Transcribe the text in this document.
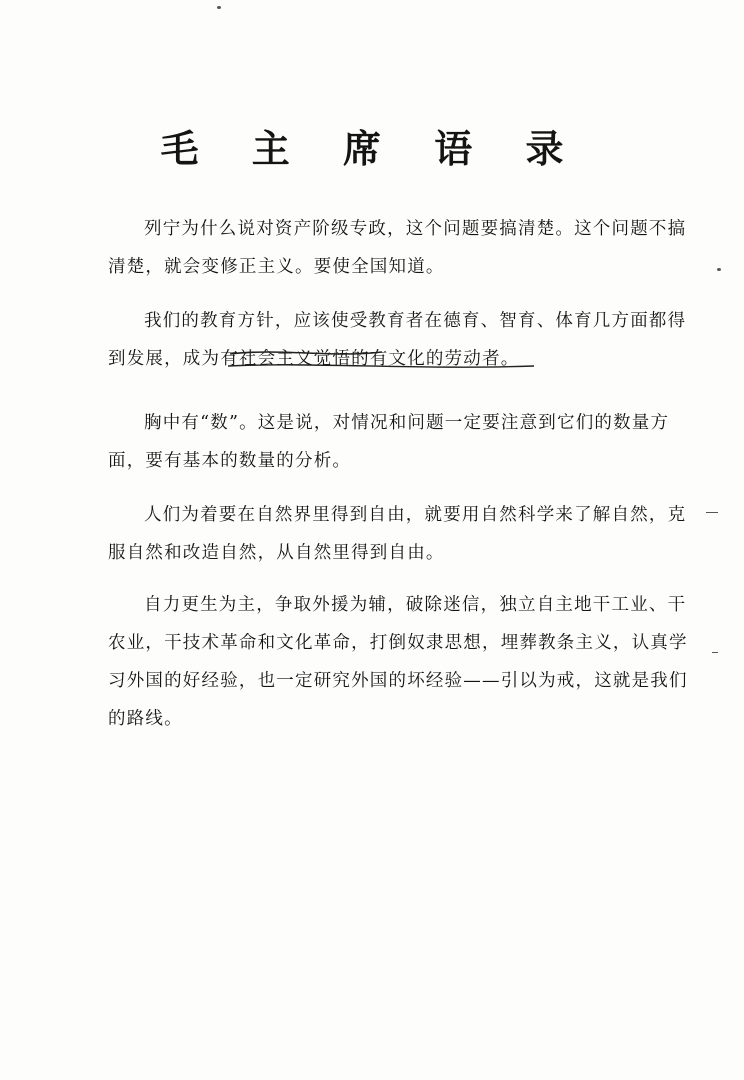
毛 主 席 语 录

列宁为什么说对资产阶级专政，这个问题要搞清楚。这个问题不搞清楚，就会变修正主义。要使全国知道。

我们的教育方针，应该使受教育者在德育、智育、体育几方面都得到发展，成为有社会主义觉悟的有文化的劳动者。

胸中有“数”。这是说，对情况和问题一定要注意到它们的数量方面，要有基本的数量的分析。

人们为着要在自然界里得到自由，就要用自然科学来了解自然，克服自然和改造自然，从自然里得到自由。

自力更生为主，争取外援为辅，破除迷信，独立自主地干工业、干农业，干技术革命和文化革命，打倒奴隶思想，埋葬教条主义，认真学习外国的好经验，也一定研究外国的坏经验——引以为戒，这就是我们的路线。
